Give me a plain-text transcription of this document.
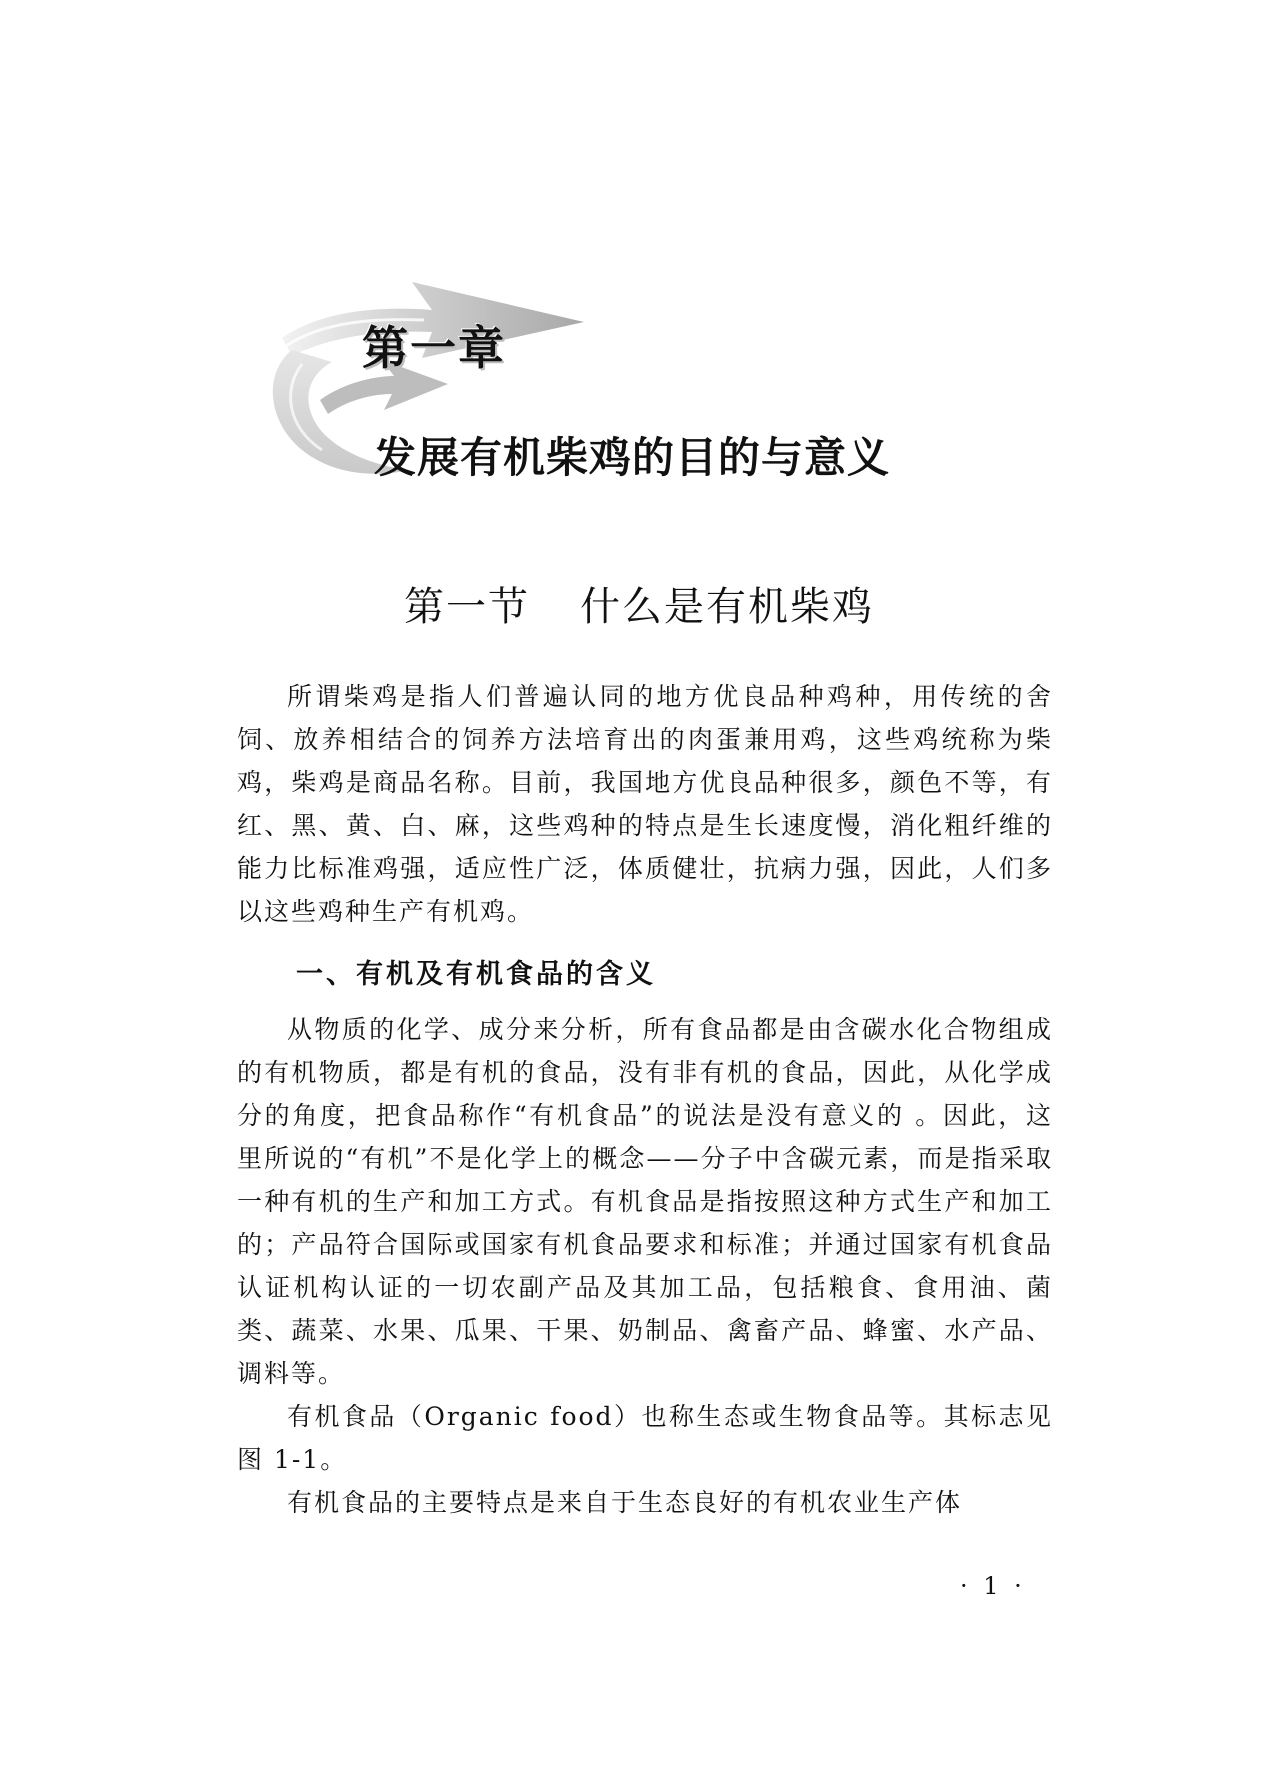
第一章
发展有机柴鸡的目的与意义
第一节 什么是有机柴鸡

所谓柴鸡是指人们普遍认同的地方优良品种鸡种，用传统的舍饲、放养相结合的饲养方法培育出的肉蛋兼用鸡，这些鸡统称为柴鸡，柴鸡是商品名称。目前，我国地方优良品种很多，颜色不等，有红、黑、黄、白、麻，这些鸡种的特点是生长速度慢，消化粗纤维的能力比标准鸡强，适应性广泛，体质健壮，抗病力强，因此，人们多以这些鸡种生产有机鸡。

一、有机及有机食品的含义

从物质的化学、成分来分析，所有食品都是由含碳水化合物组成的有机物质，都是有机的食品，没有非有机的食品，因此，从化学成分的角度，把食品称作“有机食品”的说法是没有意义的 。因此，这里所说的“有机”不是化学上的概念——分子中含碳元素，而是指采取一种有机的生产和加工方式。有机食品是指按照这种方式生产和加工的；产品符合国际或国家有机食品要求和标准；并通过国家有机食品认证机构认证的一切农副产品及其加工品，包括粮食、食用油、菌类、蔬菜、水果、瓜果、干果、奶制品、禽畜产品、蜂蜜、水产品、调料等。

有机食品（Organic food）也称生态或生物食品等。其标志见图 1-1。

有机食品的主要特点是来自于生态良好的有机农业生产体

· 1 ·
